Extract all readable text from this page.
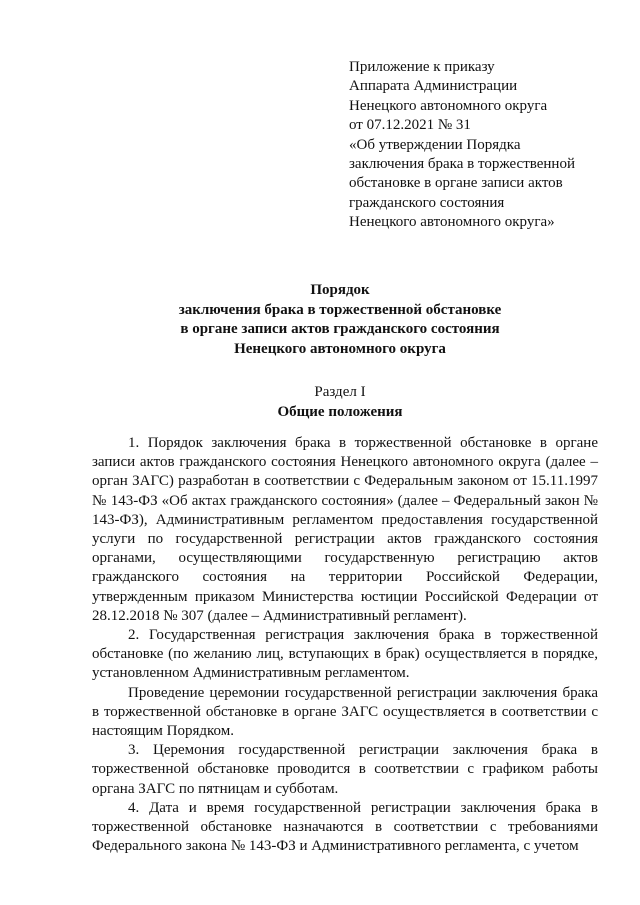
Приложение к приказу
Аппарата Администрации
Ненецкого автономного округа
от 07.12.2021 № 31
«Об утверждении Порядка
заключения брака в торжественной
обстановке в органе записи актов
гражданского состояния
Ненецкого автономного округа»
Порядок
заключения брака в торжественной обстановке
в органе записи актов гражданского состояния
Ненецкого автономного округа
Раздел I
Общие положения

1. Порядок заключения брака в торжественной обстановке в органе записи актов гражданского состояния Ненецкого автономного округа (далее – орган ЗАГС) разработан в соответствии с Федеральным законом от 15.11.1997 № 143-ФЗ «Об актах гражданского состояния» (далее – Федеральный закон № 143-ФЗ), Административным регламентом предоставления государственной услуги по государственной регистрации актов гражданского состояния органами, осуществляющими государственную регистрацию актов гражданского состояния на территории Российской Федерации, утвержденным приказом Министерства юстиции Российской Федерации от 28.12.2018 № 307 (далее – Административный регламент).

2. Государственная регистрация заключения брака в торжественной обстановке (по желанию лиц, вступающих в брак) осуществляется в порядке, установленном Административным регламентом.

Проведение церемонии государственной регистрации заключения брака в торжественной обстановке в органе ЗАГС осуществляется в соответствии с настоящим Порядком.

3. Церемония государственной регистрации заключения брака в торжественной обстановке проводится в соответствии с графиком работы органа ЗАГС по пятницам и субботам.

4. Дата и время государственной регистрации заключения брака в торжественной обстановке назначаются в соответствии с требованиями Федерального закона № 143-ФЗ и Административного регламента, с учетом
